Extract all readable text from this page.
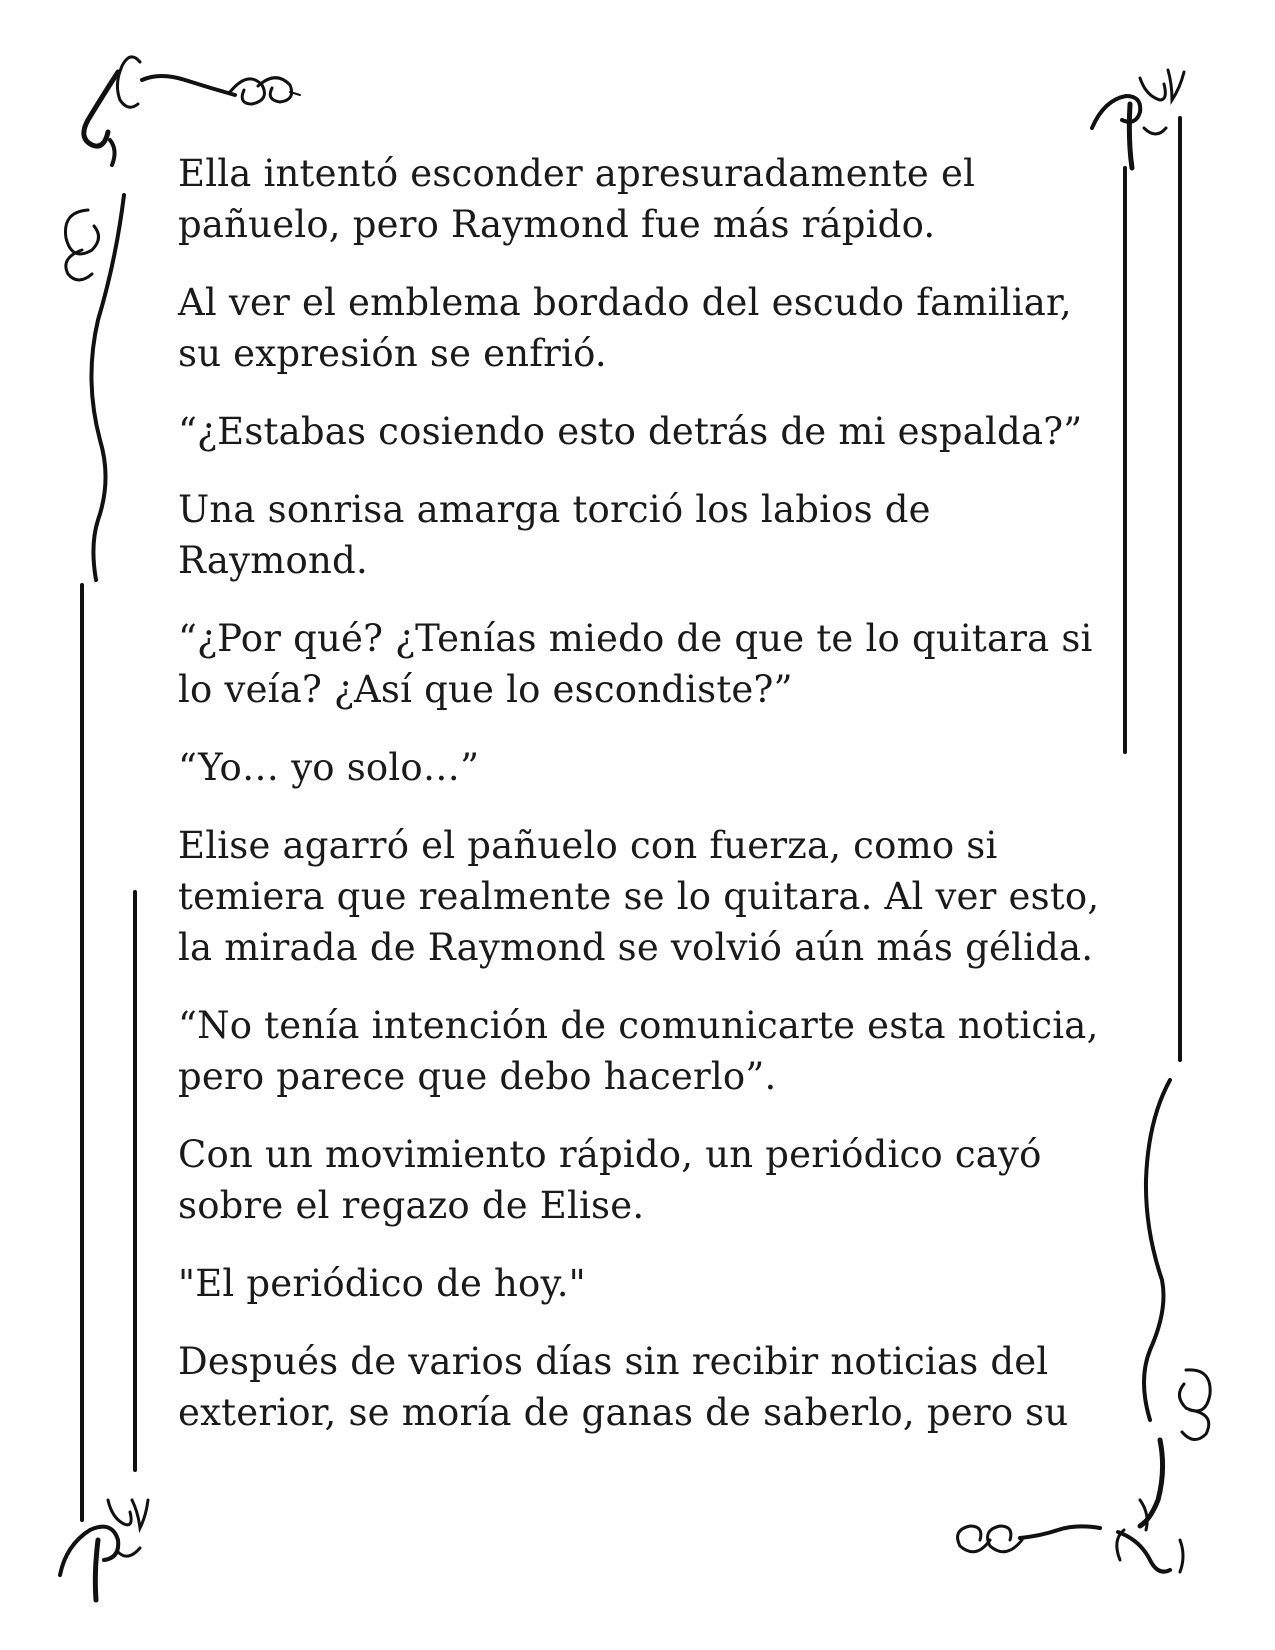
Ella intentó esconder apresuradamente el pañuelo, pero Raymond fue más rápido.

Al ver el emblema bordado del escudo familiar, su expresión se enfrió.

“¿Estabas cosiendo esto detrás de mi espalda?”

Una sonrisa amarga torció los labios de Raymond.

“¿Por qué? ¿Tenías miedo de que te lo quitara si lo veía? ¿Así que lo escondiste?”

“Yo… yo solo…”

Elise agarró el pañuelo con fuerza, como si temiera que realmente se lo quitara. Al ver esto, la mirada de Raymond se volvió aún más gélida.

“No tenía intención de comunicarte esta noticia, pero parece que debo hacerlo”.

Con un movimiento rápido, un periódico cayó sobre el regazo de Elise.

"El periódico de hoy."

Después de varios días sin recibir noticias del exterior, se moría de ganas de saberlo, pero su
